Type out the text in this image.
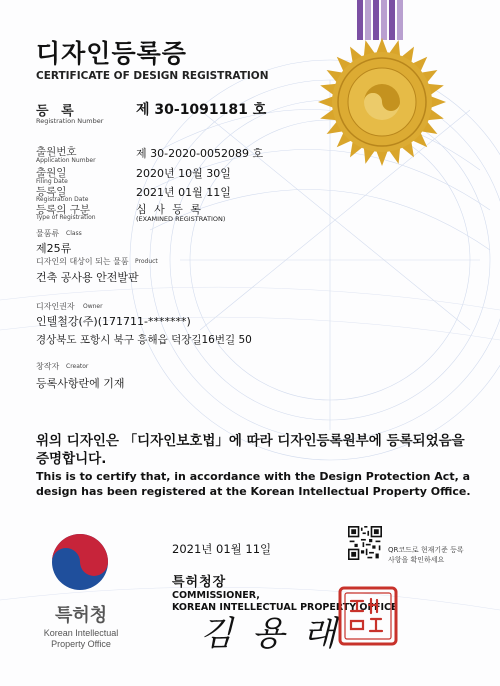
디자인등록증
CERTIFICATE OF DESIGN REGISTRATION
등 록
Registration Number
제 30-1091181 호
출원번호
Application Number
제 30-2020-0052089 호
출원일
Filing Date
2020년 10월 30일
등록일
Registration Date
2021년 01월 11일
등록의 구분
Type of Registration
심 사 등 록
(EXAMINED REGISTRATION)
물품류 Class
제25류
디자인의 대상이 되는 물품 Product
건축 공사용 안전발판
디자인권자 Owner
인텔철강(주)(171711-*******)
경상북도 포항시 북구 흥해읍 덕장길16번길 50
창작자 Creator
등록사항란에 기재
위의 디자인은 「디자인보호법」에 따라 디자인등록원부에 등록되었음을 증명합니다.
This is to certify that, in accordance with the Design Protection Act, a design has been registered at the Korean Intellectual Property Office.
특허청
Korean Intellectual Property Office
2021년 01월 11일	QR코드로 현재기준 등록사항을 확인하세요
특허청장
COMMISSIONER,
KOREAN INTELLECTUAL PROPERTY OFFICE
김 용 래
